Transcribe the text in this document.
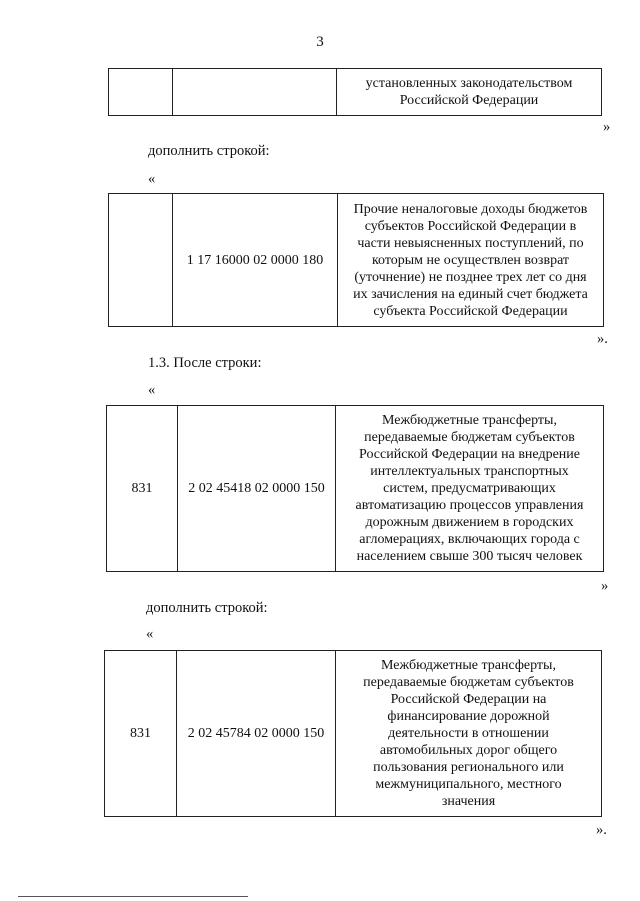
3
		установленных законодательством
Российской Федерации
»
дополнить строкой:
«
	1 17 16000 02 0000 180	Прочие неналоговые доходы бюджетов
субъектов Российской Федерации в
части невыясненных поступлений, по
которым не осуществлен возврат
(уточнение) не позднее трех лет со дня
их зачисления на единый счет бюджета
субъекта Российской Федерации
».
1.3. После строки:
«
831	2 02 45418 02 0000 150	Межбюджетные трансферты,
передаваемые бюджетам субъектов
Российской Федерации на внедрение
интеллектуальных транспортных
систем, предусматривающих
автоматизацию процессов управления
дорожным движением в городских
агломерациях, включающих города с
населением свыше 300 тысяч человек
»
дополнить строкой:
«
831	2 02 45784 02 0000 150	Межбюджетные трансферты,
передаваемые бюджетам субъектов
Российской Федерации на
финансирование дорожной
деятельности в отношении
автомобильных дорог общего
пользования регионального или
межмуниципального, местного
значения
».
